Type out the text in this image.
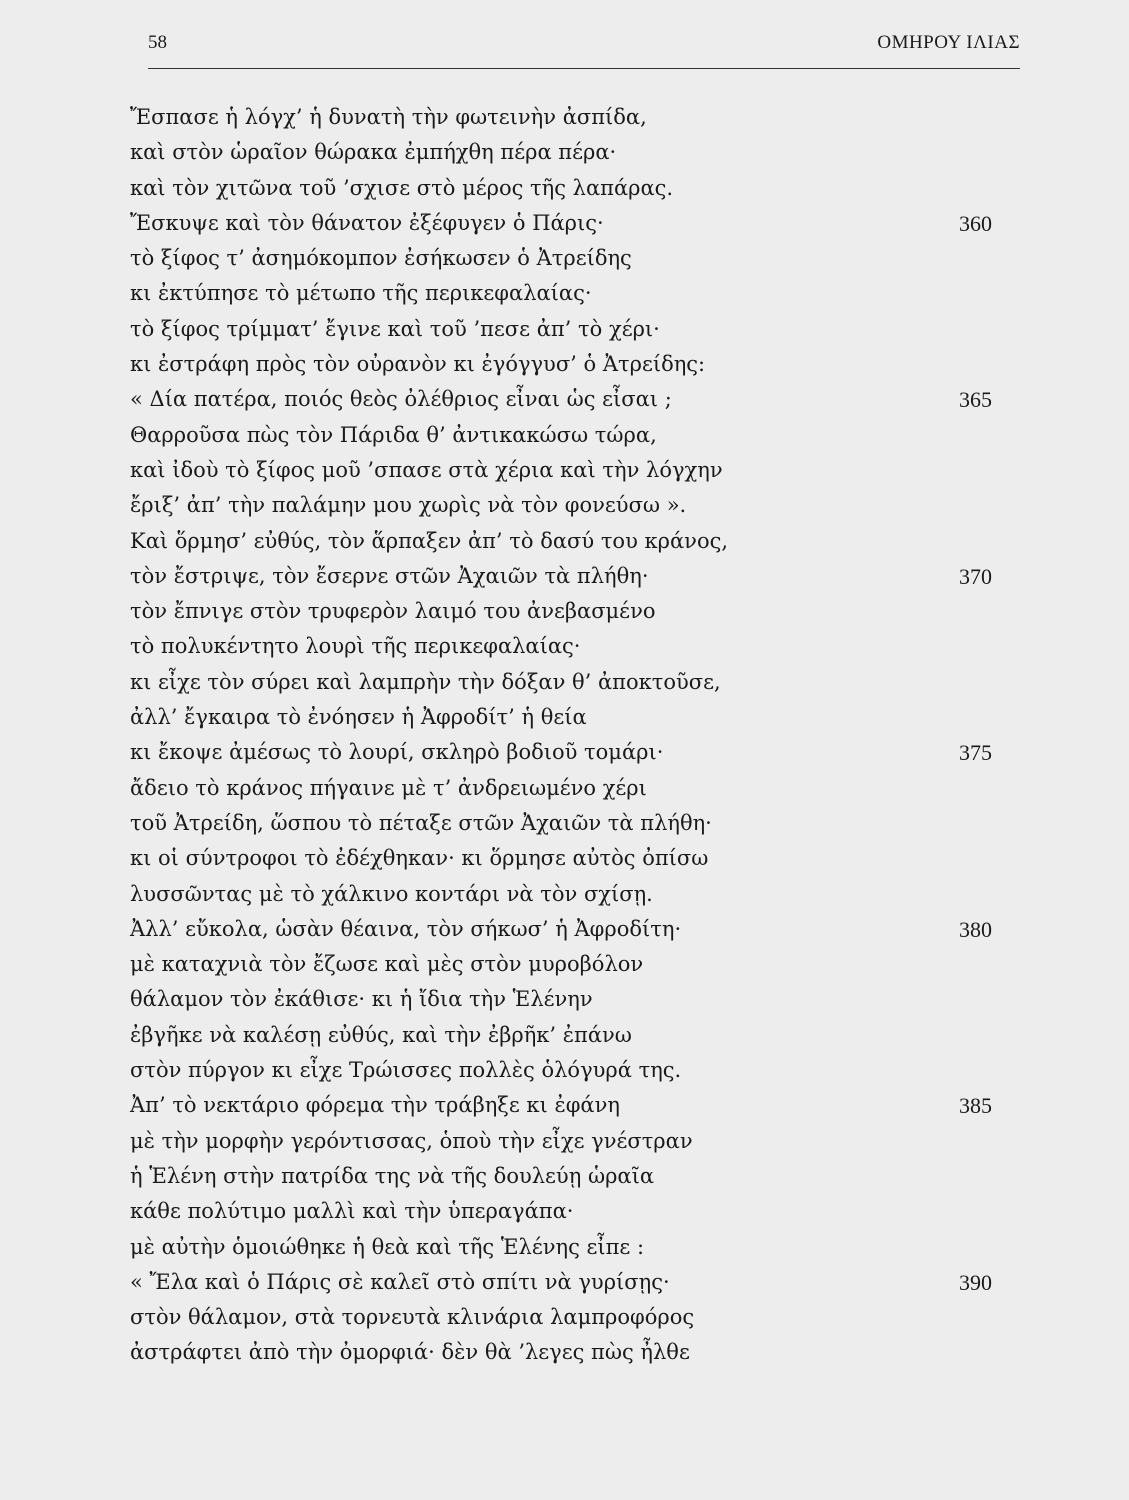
58	ΟΜΗΡΟΥ ΙΛΙΑΣ
Ἔσπασε ἡ λόγχ’ ἡ δυνατὴ τὴν φωτεινὴν ἀσπίδα,
καὶ στὸν ὡραῖον θώρακα ἐμπήχθη πέρα πέρα·
καὶ τὸν χιτῶνα τοῦ ’σχισε στὸ μέρος τῆς λαπάρας.
Ἔσκυψε καὶ τὸν θάνατον ἐξέφυγεν ὁ Πάρις·	360
τὸ ξίφος τ’ ἀσημόκομπον ἐσήκωσεν ὁ Ἀτρείδης
κι ἐκτύπησε τὸ μέτωπο τῆς περικεφαλαίας·
τὸ ξίφος τρίμματ’ ἔγινε καὶ τοῦ ’πεσε ἀπ’ τὸ χέρι·
κι ἐστράφη πρὸς τὸν οὐρανὸν κι ἐγόγγυσ’ ὁ Ἀτρείδης:
« Δία πατέρα, ποιός θεὸς ὀλέθριος εἶναι ὡς εἶσαι ;	365
Θαρροῦσα πὼς τὸν Πάριδα θ’ ἀντικακώσω τώρα,
καὶ ἰδοὺ τὸ ξίφος μοῦ ’σπασε στὰ χέρια καὶ τὴν λόγχην
ἔριξ’ ἀπ’ τὴν παλάμην μου χωρὶς νὰ τὸν φονεύσω ».
Καὶ ὅρμησ’ εὐθύς, τὸν ἅρπαξεν ἀπ’ τὸ δασύ του κράνος,
τὸν ἔστριψε, τὸν ἔσερνε στῶν Ἀχαιῶν τὰ πλήθη·	370
τὸν ἔπνιγε στὸν τρυφερὸν λαιμό του ἀνεβασμένο
τὸ πολυκέντητο λουρὶ τῆς περικεφαλαίας·
κι εἶχε τὸν σύρει καὶ λαμπρὴν τὴν δόξαν θ’ ἀποκτοῦσε,
ἀλλ’ ἔγκαιρα τὸ ἐνόησεν ἡ Ἀφροδίτ’ ἡ θεία
κι ἔκοψε ἀμέσως τὸ λουρί, σκληρὸ βοδιοῦ τομάρι·	375
ἄδειο τὸ κράνος πήγαινε μὲ τ’ ἀνδρειωμένο χέρι
τοῦ Ἀτρείδη, ὥσπου τὸ πέταξε στῶν Ἀχαιῶν τὰ πλήθη·
κι οἱ σύντροφοι τὸ ἐδέχθηκαν· κι ὅρμησε αὐτὸς ὀπίσω
λυσσῶντας μὲ τὸ χάλκινο κοντάρι νὰ τὸν σχίσῃ.
Ἀλλ’ εὔκολα, ὡσὰν θέαινα, τὸν σήκωσ’ ἡ Ἀφροδίτη·	380
μὲ καταχνιὰ τὸν ἔζωσε καὶ μὲς στὸν μυροβόλον
θάλαμον τὸν ἐκάθισε· κι ἡ ἴδια τὴν Ἑλένην
ἐβγῆκε νὰ καλέσῃ εὐθύς, καὶ τὴν ἐβρῆκ’ ἐπάνω
στὸν πύργον κι εἶχε Τρώισσες πολλὲς ὁλόγυρά της.
Ἀπ’ τὸ νεκτάριο φόρεμα τὴν τράβηξε κι ἐφάνη	385
μὲ τὴν μορφὴν γερόντισσας, ὁποὺ τὴν εἶχε γνέστραν
ἡ Ἑλένη στὴν πατρίδα της νὰ τῆς δουλεύῃ ὡραῖα
κάθε πολύτιμο μαλλὶ καὶ τὴν ὑπεραγάπα·
μὲ αὐτὴν ὁμοιώθηκε ἡ θεὰ καὶ τῆς Ἑλένης εἶπε :
« Ἔλα καὶ ὁ Πάρις σὲ καλεῖ στὸ σπίτι νὰ γυρίσῃς·	390
στὸν θάλαμον, στὰ τορνευτὰ κλινάρια λαμπροφόρος
ἀστράφτει ἀπὸ τὴν ὀμορφιά· δὲν θὰ ’λεγες πὼς ἦλθε
